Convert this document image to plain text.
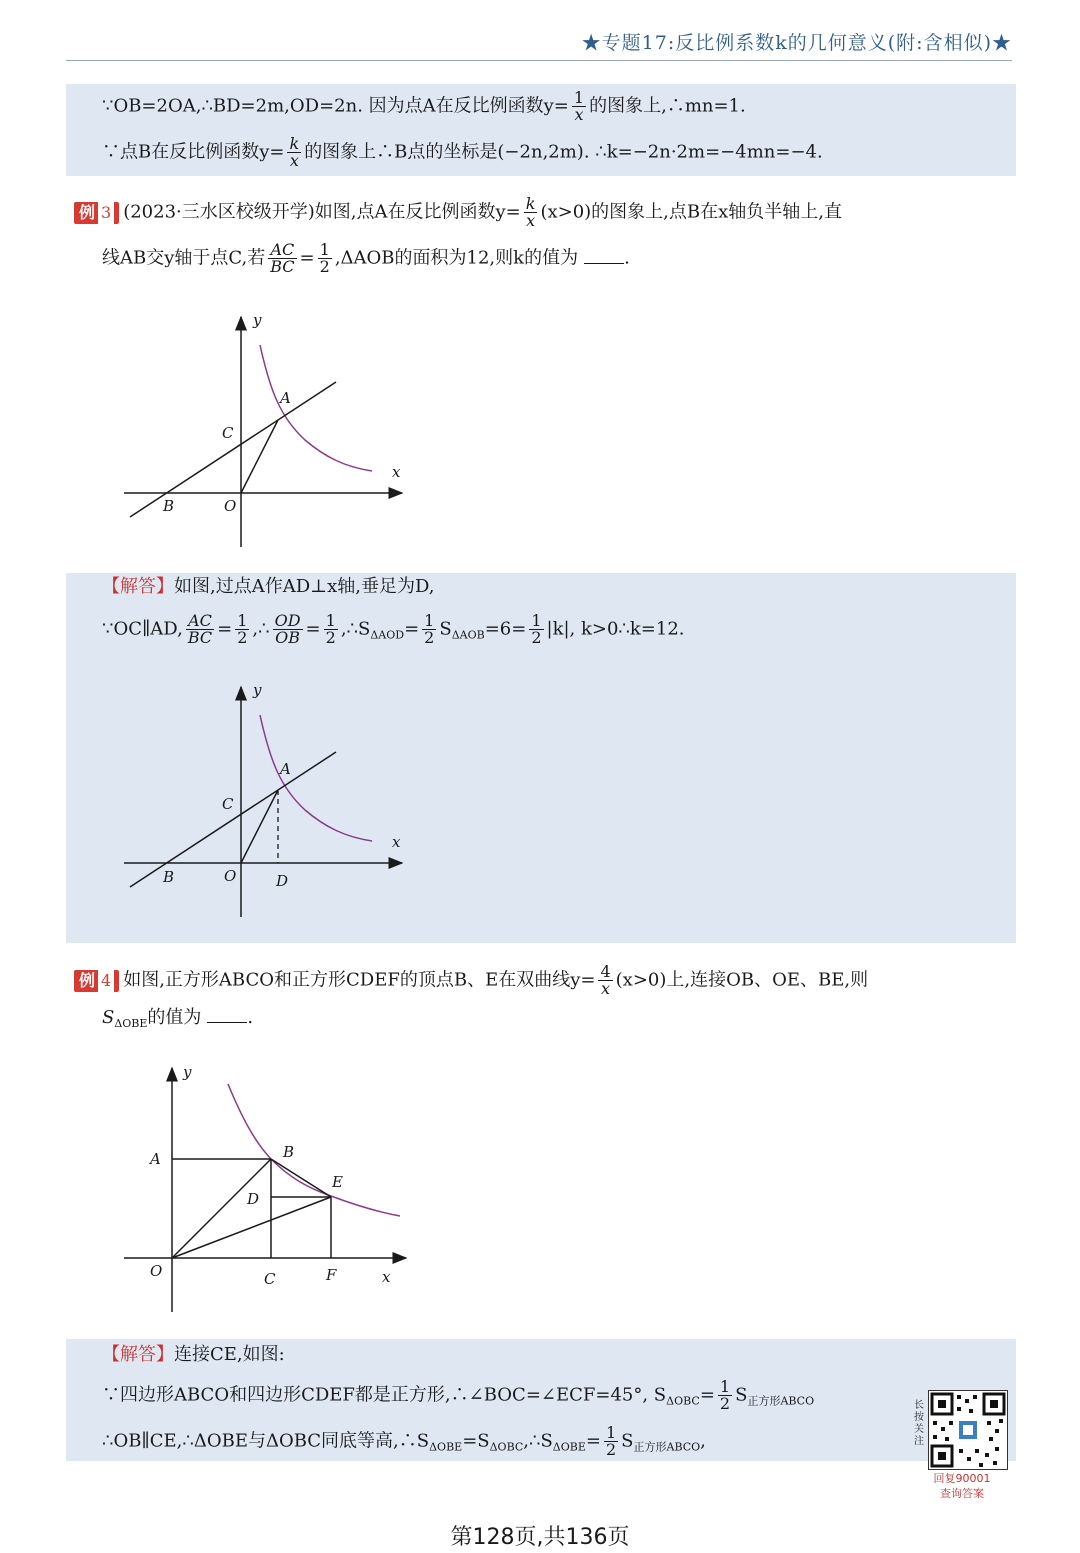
★专题17:反比例系数k的几何意义(附:含相似)★
∵OB=2OA,∴BD=2m,OD=2n. 因为点A在反比例函数$y= \frac{1}{x}$ 的图象上,∴mn=1.
∵点B在反比例函数$y= \frac{k}{x}$ 的图象上∴B点的坐标是(−2n,2m). ∴k=−2n·2m=−4mn=−4.
例 3 (2023·三水区校级开学)如图,点A在反比例函数$y= \frac{k}{x} (x>0)$的图象上,点B在x轴负半轴上,直
线AB交y轴于点C,若 $\frac{AC}{BC} = \frac{1}{2} ,\Delta AOB$的面积为12,则k的值为	.
y
x
A
C
B	O
【解答】如图,过点A作AD⊥x轴,垂足为D,
∵OC∥AD, $\frac{AC}{BC} = \frac{1}{2}$ ,∴ $\frac{OD}{OB} = \frac{1}{2}$ $,\therefore S_{\Delta AOD}= \frac{1}{2} S_{\Delta AOB}=6= \frac{1}{2} |k|$, k>0∴k=12.
y
x
A
C
B	O	D
例 4 如图,正方形ABCO和正方形CDEF的顶点B、E在双曲线$y= \frac{4}{x} (x>0)$上,连接OB、OE、BE,则
$S_{\Delta OBE}$的值为	.
y
x
A	B
D
E
O	C	F
【解答】连接CE,如图:
∵四边形ABCO和四边形CDEF都是正方形,∴∠BOC=∠ECF=45°, $S_{\Delta OBC}= \frac{1}{2} S_{正方形ABCO}$
∴OB∥CE,∴ΔOBE与ΔOBC同底等高$,\therefore S_{\Delta OBE}=S_{\Delta OBC},\therefore S_{\Delta OBE}= \frac{1}{2} S_{正方形ABCO}$,
长按关注
回复90001
查询答案
第128页,共136页
